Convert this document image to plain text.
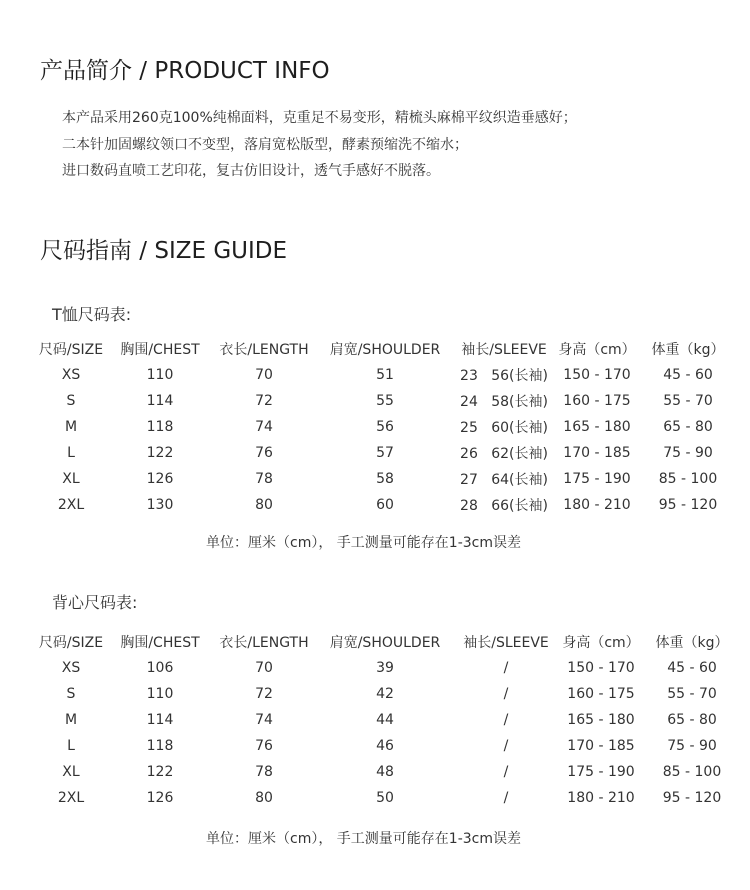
产品简介 / PRODUCT INFO
本产品采用260克100%纯棉面料，克重足不易变形，精梳头麻棉平纹织造垂感好；
二本针加固螺纹领口不变型，落肩宽松版型，酵素预缩洗不缩水；
进口数码直喷工艺印花，复古仿旧设计，透气手感好不脱落。
尺码指南 / SIZE GUIDE
T恤尺码表:
尺码/SIZE	胸围/CHEST	衣长/LENGTH	肩宽/SHOULDER	袖长/SLEEVE	身高（cm）	体重（kg）
XS	110	70	51	23   56(长袖)	150 - 170	45 - 60
S	114	72	55	24   58(长袖)	160 - 175	55 - 70
M	118	74	56	25   60(长袖)	165 - 180	65 - 80
L	122	76	57	26   62(长袖)	170 - 185	75 - 90
XL	126	78	58	27   64(长袖)	175 - 190	85 - 100
2XL	130	80	60	28   66(长袖)	180 - 210	95 - 120
单位：厘米（cm）， 手工测量可能存在1-3cm误差
背心尺码表:
尺码/SIZE	胸围/CHEST	衣长/LENGTH	肩宽/SHOULDER	袖长/SLEEVE	身高（cm）	体重（kg）
XS	106	70	39	/	150 - 170	45 - 60
S	110	72	42	/	160 - 175	55 - 70
M	114	74	44	/	165 - 180	65 - 80
L	118	76	46	/	170 - 185	75 - 90
XL	122	78	48	/	175 - 190	85 - 100
2XL	126	80	50	/	180 - 210	95 - 120
单位：厘米（cm）， 手工测量可能存在1-3cm误差
